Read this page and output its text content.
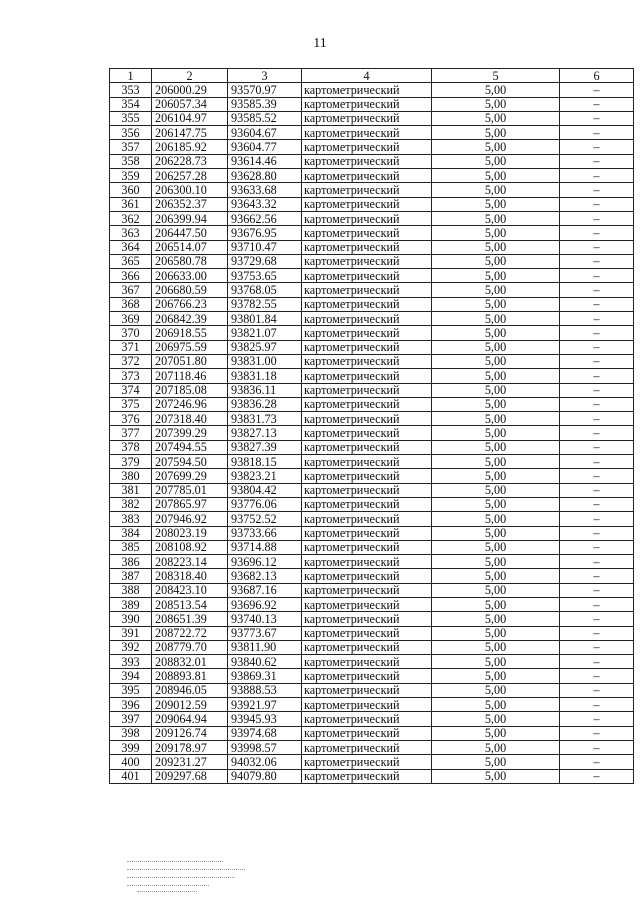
11
1	2	3	4	5	6
353	206000.29	93570.97	картометрический	5,00	–
354	206057.34	93585.39	картометрический	5,00	–
355	206104.97	93585.52	картометрический	5,00	–
356	206147.75	93604.67	картометрический	5,00	–
357	206185.92	93604.77	картометрический	5,00	–
358	206228.73	93614.46	картометрический	5,00	–
359	206257.28	93628.80	картометрический	5,00	–
360	206300.10	93633.68	картометрический	5,00	–
361	206352.37	93643.32	картометрический	5,00	–
362	206399.94	93662.56	картометрический	5,00	–
363	206447.50	93676.95	картометрический	5,00	–
364	206514.07	93710.47	картометрический	5,00	–
365	206580.78	93729.68	картометрический	5,00	–
366	206633.00	93753.65	картометрический	5,00	–
367	206680.59	93768.05	картометрический	5,00	–
368	206766.23	93782.55	картометрический	5,00	–
369	206842.39	93801.84	картометрический	5,00	–
370	206918.55	93821.07	картометрический	5,00	–
371	206975.59	93825.97	картометрический	5,00	–
372	207051.80	93831.00	картометрический	5,00	–
373	207118.46	93831.18	картометрический	5,00	–
374	207185.08	93836.11	картометрический	5,00	–
375	207246.96	93836.28	картометрический	5,00	–
376	207318.40	93831.73	картометрический	5,00	–
377	207399.29	93827.13	картометрический	5,00	–
378	207494.55	93827.39	картометрический	5,00	–
379	207594.50	93818.15	картометрический	5,00	–
380	207699.29	93823.21	картометрический	5,00	–
381	207785.01	93804.42	картометрический	5,00	–
382	207865.97	93776.06	картометрический	5,00	–
383	207946.92	93752.52	картометрический	5,00	–
384	208023.19	93733.66	картометрический	5,00	–
385	208108.92	93714.88	картометрический	5,00	–
386	208223.14	93696.12	картометрический	5,00	–
387	208318.40	93682.13	картометрический	5,00	–
388	208423.10	93687.16	картометрический	5,00	–
389	208513.54	93696.92	картометрический	5,00	–
390	208651.39	93740.13	картометрический	5,00	–
391	208722.72	93773.67	картометрический	5,00	–
392	208779.70	93811.90	картометрический	5,00	–
393	208832.01	93840.62	картометрический	5,00	–
394	208893.81	93869.31	картометрический	5,00	–
395	208946.05	93888.53	картометрический	5,00	–
396	209012.59	93921.97	картометрический	5,00	–
397	209064.94	93945.93	картометрический	5,00	–
398	209126.74	93974.68	картометрический	5,00	–
399	209178.97	93998.57	картометрический	5,00	–
400	209231.27	94032.06	картометрический	5,00	–
401	209297.68	94079.80	картометрический	5,00	–
